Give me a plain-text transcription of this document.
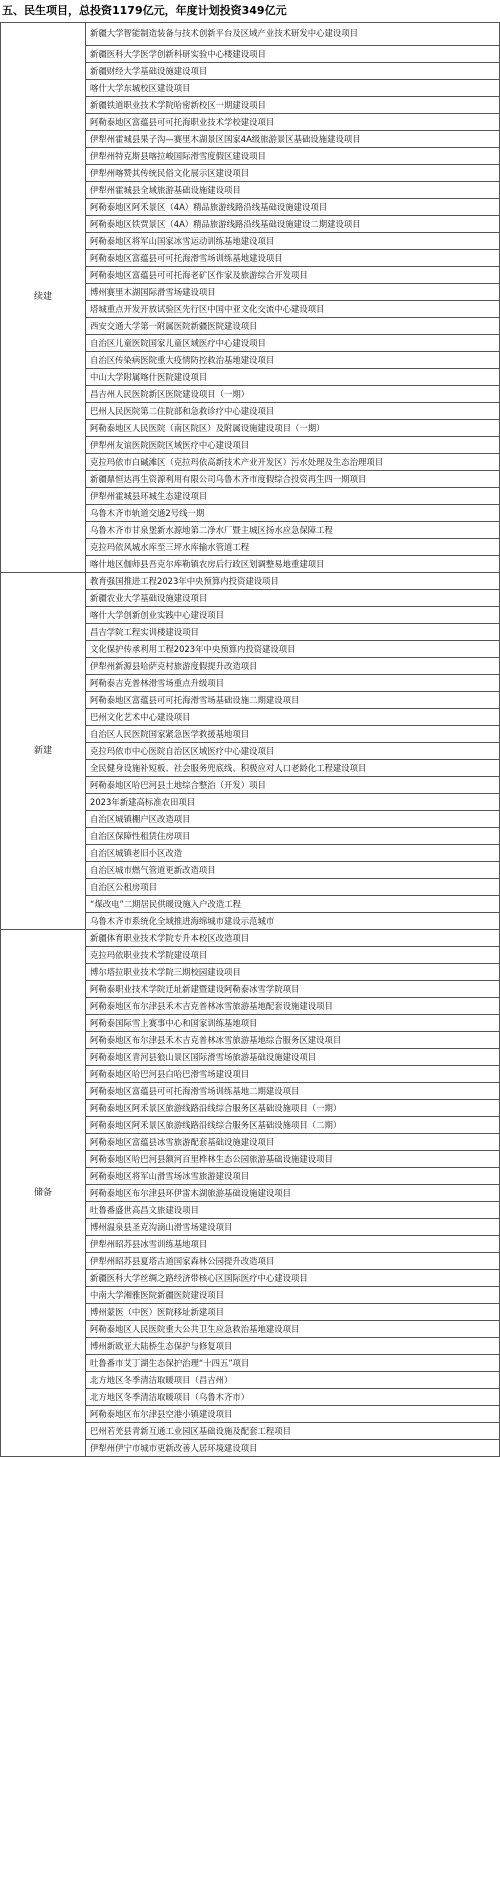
五、民生项目，总投资1179亿元，年度计划投资349亿元
续建	新疆大学智能制造装备与技术创新平台及区域产业技术研发中心建设项目
	新疆医科大学医学创新科研实验中心楼建设项目
	新疆财经大学基础设施建设项目
	喀什大学东城校区建设项目
	新疆铁道职业技术学院哈密新校区一期建设项目
	阿勒泰地区富蕴县可可托海职业技术学校建设项目
	伊犁州霍城县果子沟—赛里木湖景区国家4A级旅游景区基础设施建设项目
	伊犁州特克斯县喀拉峻国际滑雪度假区建设项目
	伊犁州喀赞其传统民俗文化展示区建设项目
	伊犁州霍城县全域旅游基础设施建设项目
	阿勒泰地区阿禾景区（4A）精品旅游线路沿线基础设施建设项目
	阿勒泰地区铁贾景区（4A）精品旅游线路沿线基础设施建设二期建设项目
	阿勒泰地区将军山国家冰雪运动训练基地建设项目
	阿勒泰地区富蕴县可可托海滑雪场训练基地建设项目
	阿勒泰地区富蕴县可可托海老矿区作家及旅游综合开发项目
	博州赛里木湖国际滑雪场建设项目
	塔城重点开发开放试验区先行区中国中亚文化交流中心建设项目
	西安交通大学第一附属医院新疆医院建设项目
	自治区儿童医院国家儿童区域医疗中心建设项目
	自治区传染病医院重大疫情防控救治基地建设项目
	中山大学附属喀什医院建设项目
	昌吉州人民医院新区医院建设项目（一期）
	巴州人民医院第二住院部和急救诊疗中心建设项目
	阿勒泰地区人民医院（南区院区）及附属设施建设项目（一期）
	伊犁州友谊医院医院区域医疗中心建设项目
	克拉玛依市白碱滩区（克拉玛依高新技术产业开发区）污水处理及生态治理项目
	新疆鼎恒达再生资源利用有限公司乌鲁木齐市度假综合投资再生四一期项目
	伊犁州霍城县环城生态建设项目
	乌鲁木齐市轨道交通2号线一期
	乌鲁木齐市甘泉堡新水源地第二净水厂暨主城区扬水应急保障工程
	克拉玛依风城水库至三坪水库输水管道工程
	喀什地区伽师县吾克尔库勒镇农房后行政区划调整易地重建项目
新建	教育强国推进工程2023年中央预算内投资建设项目
	新疆农业大学基础设施建设项目
	喀什大学创新创业实践中心建设项目
	昌吉学院工程实训楼建设项目
	文化保护传承利用工程2023年中央预算内投资建设项目
	伊犁州新源县哈萨克村旅游度假提升改造项目
	阿勒泰吉克普林滑雪场重点升级项目
	阿勒泰地区富蕴县可可托海滑雪场基础设施二期建设项目
	巴州文化艺术中心建设项目
	自治区人民医院国家紧急医学救援基地项目
	克拉玛依市中心医院自治区区域医疗中心建设项目
	全民健身设施补短板、社会服务兜底线、积极应对人口老龄化工程建设项目
	阿勒泰地区哈巴河县土地综合整治（开发）项目
	2023年新建高标准农田项目
	自治区城镇棚户区改造项目
	自治区保障性租赁住房项目
	自治区城镇老旧小区改造
	自治区城市燃气管道更新改造项目
	自治区公租房项目
	“煤改电”二期居民供暖设施入户改造工程
	乌鲁木齐市系统化全域推进海绵城市建设示范城市
储备	新疆体育职业技术学院专升本校区改造项目
	克拉玛依职业技术学院建设项目
	博尔塔拉职业技术学院三期校园建设项目
	阿勒泰职业技术学院迁址新建暨建设阿勒泰冰雪学院项目
	阿勒泰地区布尔津县禾木吉克普林冰雪旅游基地配套设施建设项目
	阿勒泰国际雪上赛事中心和国家训练基地项目
	阿勒泰地区布尔津县禾木吉克普林冰雪旅游基地综合服务区建设项目
	阿勒泰地区青河县狼山景区国际滑雪场旅游基础设施建设项目
	阿勒泰地区哈巴河县白哈巴滑雪场建设项目
	阿勒泰地区富蕴县可可托海滑雪场训练基地二期建设项目
	阿勒泰地区阿禾景区旅游线路沿线综合服务区基础设施项目（一期）
	阿勒泰地区阿禾景区旅游线路沿线综合服务区基础设施项目（二期）
	阿勒泰地区富蕴县冰雪旅游配套基础设施建设项目
	阿勒泰地区哈巴河县额河百里桦林生态公园旅游基础设施建设项目
	阿勒泰地区将军山滑雪场冰雪旅游建设项目
	阿勒泰地区布尔津县环伊雷木湖旅游基础设施建设项目
	吐鲁番盛世高昌文旅建设项目
	博州温泉县圣克沟滴山滑雪场建设项目
	伊犁州昭苏县冰雪训练基地项目
	伊犁州昭苏县夏塔古道国家森林公园提升改造项目
	新疆医科大学丝绸之路经济带核心区国际医疗中心建设项目
	中南大学湘雅医院新疆医院建设项目
	博州蒙医（中医）医院移址新建项目
	阿勒泰地区人民医院重大公共卫生应急救治基地建设项目
	博州新欧亚大陆桥生态保护与修复项目
	吐鲁番市艾丁湖生态保护治理“十四五”项目
	北方地区冬季清洁取暖项目（昌吉州）
	北方地区冬季清洁取暖项目（乌鲁木齐市）
	阿勒泰地区布尔津县空港小镇建设项目
	巴州若羌县青新互通工业园区基础设施及配套工程项目
	伊犁州伊宁市城市更新改善人居环境建设项目
